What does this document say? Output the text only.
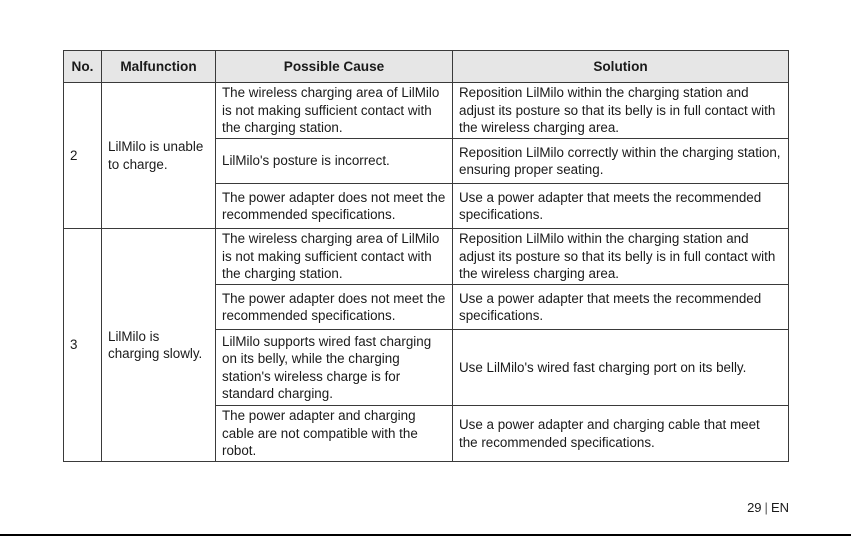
No.	Malfunction	Possible Cause	Solution
2	LilMilo is unable to charge.	The wireless charging area of LilMilo is not making sufficient contact with the charging station.	Reposition LilMilo within the charging station and adjust its posture so that its belly is in full contact with the wireless charging area.
		LilMilo's posture is incorrect.	Reposition LilMilo correctly within the charging station, ensuring proper seating.
		The power adapter does not meet the recommended specifications.	Use a power adapter that meets the recommended specifications.
3	LilMilo is charging slowly.	The wireless charging area of LilMilo is not making sufficient contact with the charging station.	Reposition LilMilo within the charging station and adjust its posture so that its belly is in full contact with the wireless charging area.
		The power adapter does not meet the recommended specifications.	Use a power adapter that meets the recommended specifications.
		LilMilo supports wired fast charging on its belly, while the charging station's wireless charge is for standard charging.	Use LilMilo's wired fast charging port on its belly.
		The power adapter and charging cable are not compatible with the robot.	Use a power adapter and charging cable that meet the recommended specifications.
29 | EN
